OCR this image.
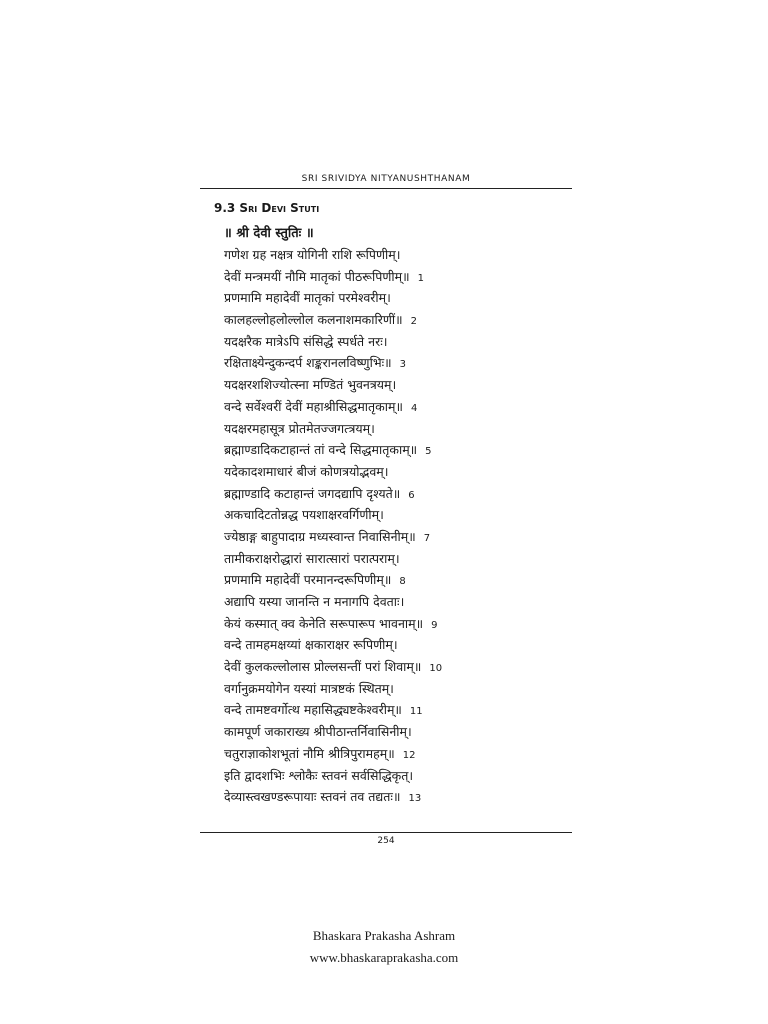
SRI SRIVIDYA NITYANUSHTHANAM
9.3 Sri Devi Stuti
॥ श्री देवी स्तुतिः ॥
गणेश ग्रह नक्षत्र योगिनी राशि रूपिणीम्।
देवीं मन्त्रमयीं नौमि मातृकां पीठरूपिणीम्॥ 1
प्रणमामि महादेवीं मातृकां परमेश्वरीम्।
कालहल्लोहलोल्लोल कलनाशमकारिणीं॥ 2
यदक्षरैक मात्रेऽपि संसिद्धे स्पर्धते नरः।
रक्षिताक्ष्येन्दुकन्दर्प शङ्करानलविष्णुभिः॥ 3
यदक्षरशशिज्योत्स्ना मण्डितं भुवनत्रयम्।
वन्दे सर्वेश्वरीं देवीं महाश्रीसिद्धमातृकाम्॥ 4
यदक्षरमहासूत्र प्रोतमेतज्जगत्त्रयम्।
ब्रह्माण्डादिकटाहान्तं तां वन्दे सिद्धमातृकाम्॥ 5
यदेकादशमाधारं बीजं कोणत्रयोद्भवम्।
ब्रह्माण्डादि कटाहान्तं जगदद्यापि दृश्यते॥ 6
अकचादिटतोन्नद्ध पयशाक्षरवर्गिणीम्।
ज्येष्ठाङ्ग बाहुपादाग्र मध्यस्वान्त निवासिनीम्॥ 7
तामीकराक्षरोद्धारां सारात्सारां परात्पराम्।
प्रणमामि महादेवीं परमानन्दरूपिणीम्॥ 8
अद्यापि यस्या जानन्ति न मनागपि देवताः।
केयं कस्मात् क्व केनेति सरूपारूप भावनाम्॥ 9
वन्दे तामहमक्षय्यां क्षकाराक्षर रूपिणीम्।
देवीं कुलकल्लोलास प्रोल्लसन्तीं परां शिवाम्॥ 10
वर्गानुक्रमयोगेन यस्यां मात्रष्टकं स्थितम्।
वन्दे तामष्टवर्गोत्थ महासिद्ध्यष्टकेश्वरीम्॥ 11
कामपूर्ण जकाराख्य श्रीपीठान्तर्निवासिनीम्।
चतुराज्ञाकोशभूतां नौमि श्रीत्रिपुरामहम्॥ 12
इति द्वादशभिः श्लोकैः स्तवनं सर्वसिद्धिकृत्।
देव्यास्त्वखण्डरूपायाः स्तवनं तव तद्यतः॥ 13
254
Bhaskara Prakasha Ashram
www.bhaskaraprakasha.com
